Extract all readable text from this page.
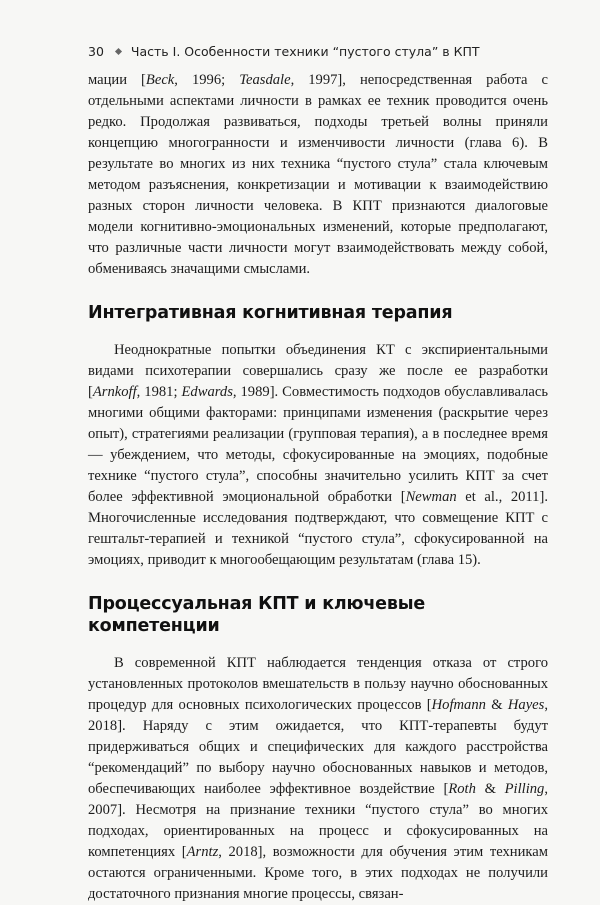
30 Часть I. Особенности техники “пустого стула” в КПТ

мации [Beck, 1996; Teasdale, 1997], непосредственная работа с отдельными аспектами личности в рамках ее техник проводится очень редко. Продолжая развиваться, подходы третьей волны приняли концепцию многогранности и изменчивости личности (глава 6). В результате во многих из них техника “пустого стула” стала ключевым методом разъяснения, конкретизации и мотивации к взаимодействию разных сторон личности человека. В КПТ признаются диалоговые модели когнитивно-эмоциональных изменений, которые предполагают, что различные части личности могут взаимодействовать между собой, обмениваясь значащими смыслами.

Интегративная когнитивная терапия

Неоднократные попытки объединения КТ с экспириентальными видами психотерапии совершались сразу же после ее разработки [Arnkoff, 1981; Edwards, 1989]. Совместимость подходов обуславливалась многими общими факторами: принципами изменения (раскрытие через опыт), стратегиями реализации (групповая терапия), а в последнее время — убеждением, что методы, сфокусированные на эмоциях, подобные технике “пустого стула”, способны значительно усилить КПТ за счет более эффективной эмоциональной обработки [Newman et al., 2011]. Многочисленные исследования подтверждают, что совмещение КПТ с гештальт-терапией и техникой “пустого стула”, сфокусированной на эмоциях, приводит к многообещающим результатам (глава 15).

Процессуальная КПТ и ключевые компетенции

В современной КПТ наблюдается тенденция отказа от строго установленных протоколов вмешательств в пользу научно обоснованных процедур для основных психологических процессов [Hofmann & Hayes, 2018]. Наряду с этим ожидается, что КПТ-терапевты будут придерживаться общих и специфических для каждого расстройства “рекомендаций” по выбору научно обоснованных навыков и методов, обеспечивающих наиболее эффективное воздействие [Roth & Pilling, 2007]. Несмотря на признание техники “пустого стула” во многих подходах, ориентированных на процесс и сфокусированных на компетенциях [Arntz, 2018], возможности для обучения этим техникам остаются ограниченными. Кроме того, в этих подходах не получили достаточного признания многие процессы, связан-
